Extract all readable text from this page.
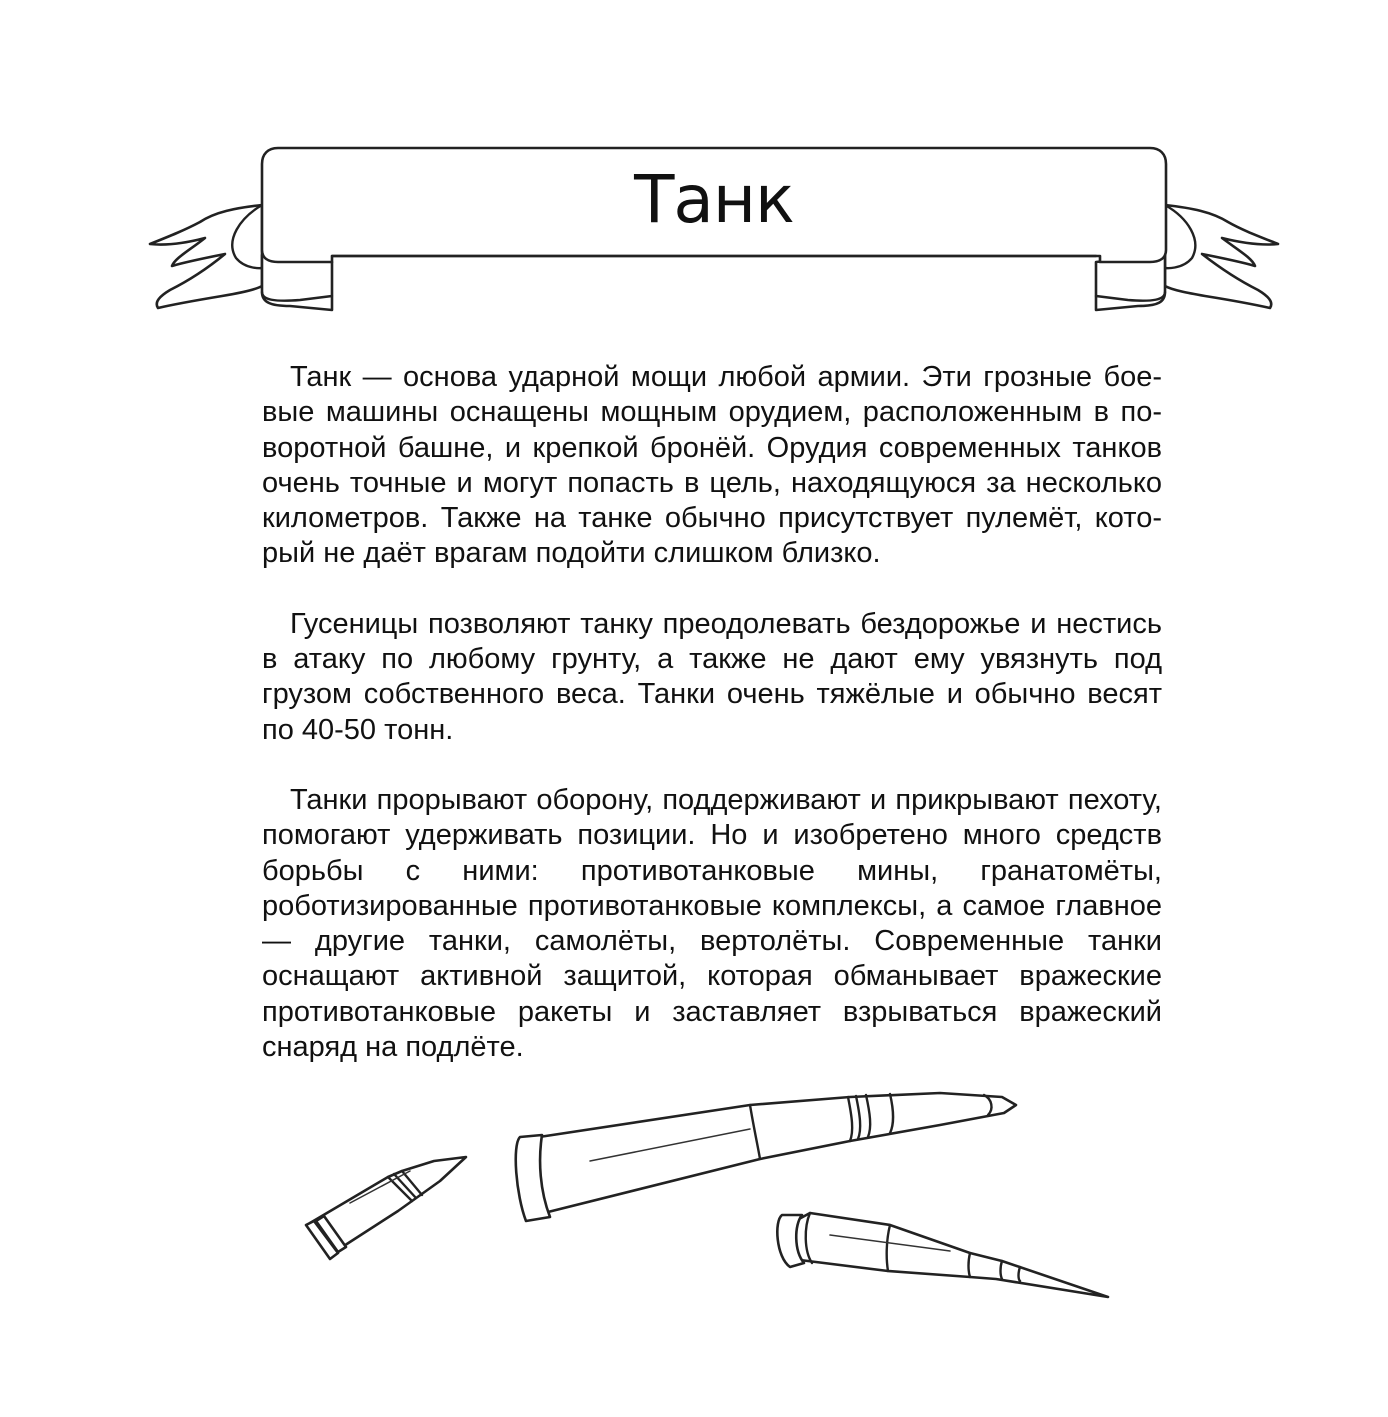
Танк

Танк — основа ударной мощи любой армии. Эти грозные боевые машины оснащены мощным орудием, расположенным в поворотной башне, и крепкой бронёй. Орудия современных танков очень точные и могут попасть в цель, находящуюся за несколько километров. Также на танке обычно присутствует пулемёт, который не даёт врагам подойти слишком близко.

Гусеницы позволяют танку преодолевать бездорожье и нестись в атаку по любому грунту, а также не дают ему увязнуть под грузом собственного веса. Танки очень тяжёлые и обычно весят по 40-50 тонн.

Танки прорывают оборону, поддерживают и прикрывают пехоту, помогают удерживать позиции. Но и изобретено много средств борьбы с ними: противотанковые мины, гранатомёты, роботизированные противотанковые комплексы, а самое главное — другие танки, самолёты, вертолёты. Современные танки оснащают активной защитой, которая обманывает вражеские противотанковые ракеты и заставляет взрываться вражеский снаряд на подлёте.
